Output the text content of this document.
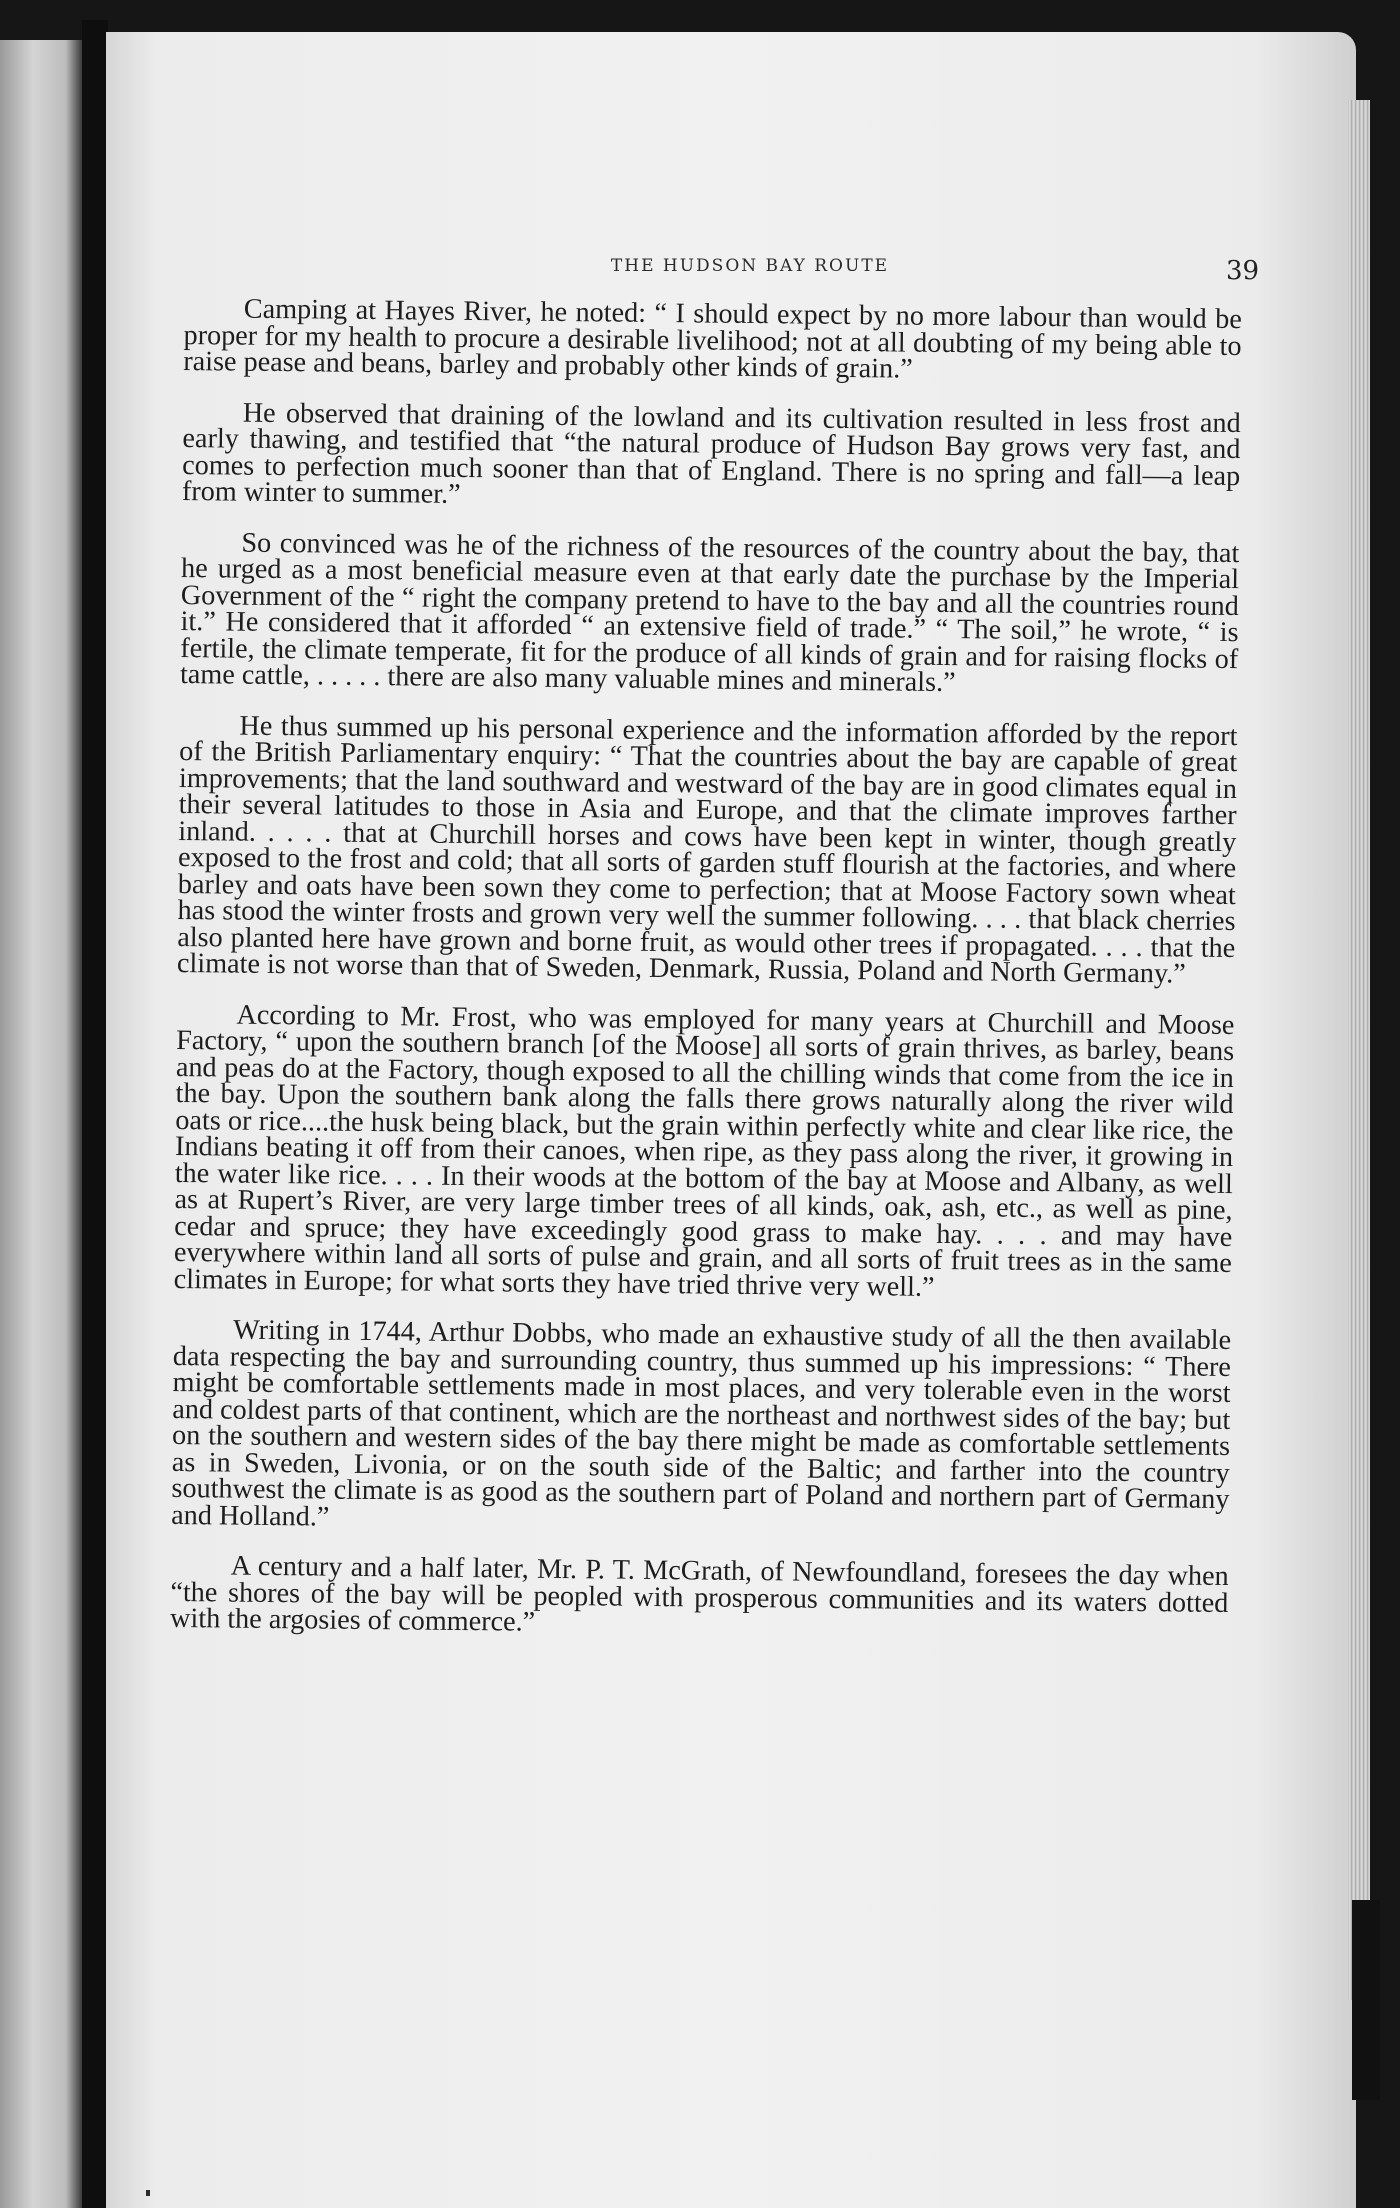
THE HUDSON BAY ROUTE	39

Camping at Hayes River, he noted: “ I should expect by no more labour than would be proper for my health to procure a desirable livelihood; not at all doubting of my being able to raise pease and beans, barley and probably other kinds of grain.”

He observed that draining of the lowland and its cultivation resulted in less frost and early thawing, and testified that “the natural produce of Hudson Bay grows very fast, and comes to perfection much sooner than that of England. There is no spring and fall—a leap from winter to summer.”

So convinced was he of the richness of the resources of the country about the bay, that he urged as a most beneficial measure even at that early date the purchase by the Imperial Government of the “ right the company pretend to have to the bay and all the countries round it.” He considered that it afforded “ an extensive field of trade.” “ The soil,” he wrote, “ is fertile, the climate temperate, fit for the produce of all kinds of grain and for raising flocks of tame cattle, . . . . . there are also many valuable mines and minerals.”

He thus summed up his personal experience and the information afforded by the report of the British Parliamentary enquiry: “ That the countries about the bay are capable of great improvements; that the land southward and westward of the bay are in good climates equal in their several latitudes to those in Asia and Europe, and that the climate improves farther inland. . . . . that at Churchill horses and cows have been kept in winter, though greatly exposed to the frost and cold; that all sorts of garden stuff flourish at the factories, and where barley and oats have been sown they come to perfection; that at Moose Factory sown wheat has stood the winter frosts and grown very well the summer following. . . . that black cherries also planted here have grown and borne fruit, as would other trees if propagated. . . . that the climate is not worse than that of Sweden, Denmark, Russia, Poland and North Germany.”

According to Mr. Frost, who was employed for many years at Churchill and Moose Factory, “ upon the southern branch [of the Moose] all sorts of grain thrives, as barley, beans and peas do at the Factory, though exposed to all the chilling winds that come from the ice in the bay. Upon the southern bank along the falls there grows naturally along the river wild oats or rice....the husk being black, but the grain within perfectly white and clear like rice, the Indians beating it off from their canoes, when ripe, as they pass along the river, it growing in the water like rice. . . . In their woods at the bottom of the bay at Moose and Albany, as well as at Rupert’s River, are very large timber trees of all kinds, oak, ash, etc., as well as pine, cedar and spruce; they have exceedingly good grass to make hay. . . . and may have everywhere within land all sorts of pulse and grain, and all sorts of fruit trees as in the same climates in Europe; for what sorts they have tried thrive very well.”

Writing in 1744, Arthur Dobbs, who made an exhaustive study of all the then available data respecting the bay and surrounding country, thus summed up his impressions: “ There might be comfortable settlements made in most places, and very tolerable even in the worst and coldest parts of that continent, which are the northeast and northwest sides of the bay; but on the southern and western sides of the bay there might be made as comfortable settlements as in Sweden, Livonia, or on the south side of the Baltic; and farther into the country southwest the climate is as good as the southern part of Poland and northern part of Germany and Holland.”

A century and a half later, Mr. P. T. McGrath, of Newfoundland, foresees the day when “the shores of the bay will be peopled with prosperous communities and its waters dotted with the argosies of commerce.”
